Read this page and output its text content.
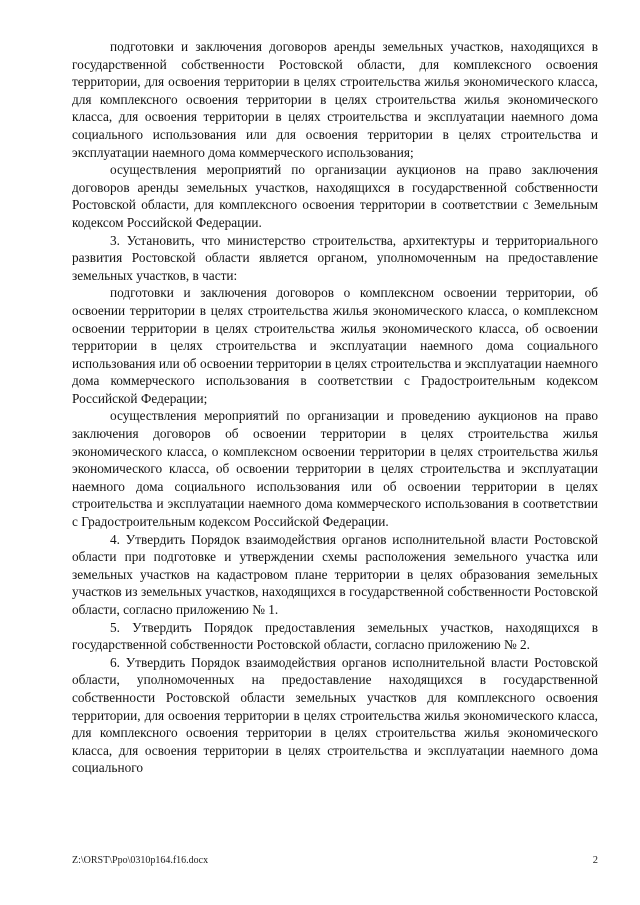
подготовки и заключения договоров аренды земельных участков, находящихся в государственной собственности Ростовской области, для комплексного освоения территории, для освоения территории в целях строительства жилья экономического класса, для комплексного освоения территории в целях строительства жилья экономического класса, для освоения территории в целях строительства и эксплуатации наемного дома социального использования или для освоения территории в целях строительства и эксплуатации наемного дома коммерческого использования;

осуществления мероприятий по организации аукционов на право заключения договоров аренды земельных участков, находящихся в государственной собственности Ростовской области, для комплексного освоения территории в соответствии с Земельным кодексом Российской Федерации.

3. Установить, что министерство строительства, архитектуры и территориального развития Ростовской области является органом, уполномоченным на предоставление земельных участков, в части:

подготовки и заключения договоров о комплексном освоении территории, об освоении территории в целях строительства жилья экономического класса, о комплексном освоении территории в целях строительства жилья экономического класса, об освоении территории в целях строительства и эксплуатации наемного дома социального использования или об освоении территории в целях строительства и эксплуатации наемного дома коммерческого использования в соответствии с Градостроительным кодексом Российской Федерации;

осуществления мероприятий по организации и проведению аукционов на право заключения договоров об освоении территории в целях строительства жилья экономического класса, о комплексном освоении территории в целях строительства жилья экономического класса, об освоении территории в целях строительства и эксплуатации наемного дома социального использования или об освоении территории в целях строительства и эксплуатации наемного дома коммерческого использования в соответствии с Градостроительным кодексом Российской Федерации.

4. Утвердить Порядок взаимодействия органов исполнительной власти Ростовской области при подготовке и утверждении схемы расположения земельного участка или земельных участков на кадастровом плане территории в целях образования земельных участков из земельных участков, находящихся в государственной собственности Ростовской области, согласно приложению № 1.

5. Утвердить Порядок предоставления земельных участков, находящихся в государственной собственности Ростовской области, согласно приложению № 2.

6. Утвердить Порядок взаимодействия органов исполнительной власти Ростовской области, уполномоченных на предоставление находящихся в государственной собственности Ростовской области земельных участков для комплексного освоения территории, для освоения территории в целях строительства жилья экономического класса, для комплексного освоения территории в целях строительства жилья экономического класса, для освоения территории в целях строительства и эксплуатации наемного дома социального

Z:\ORST\Ppo\0310p164.f16.docx	2
